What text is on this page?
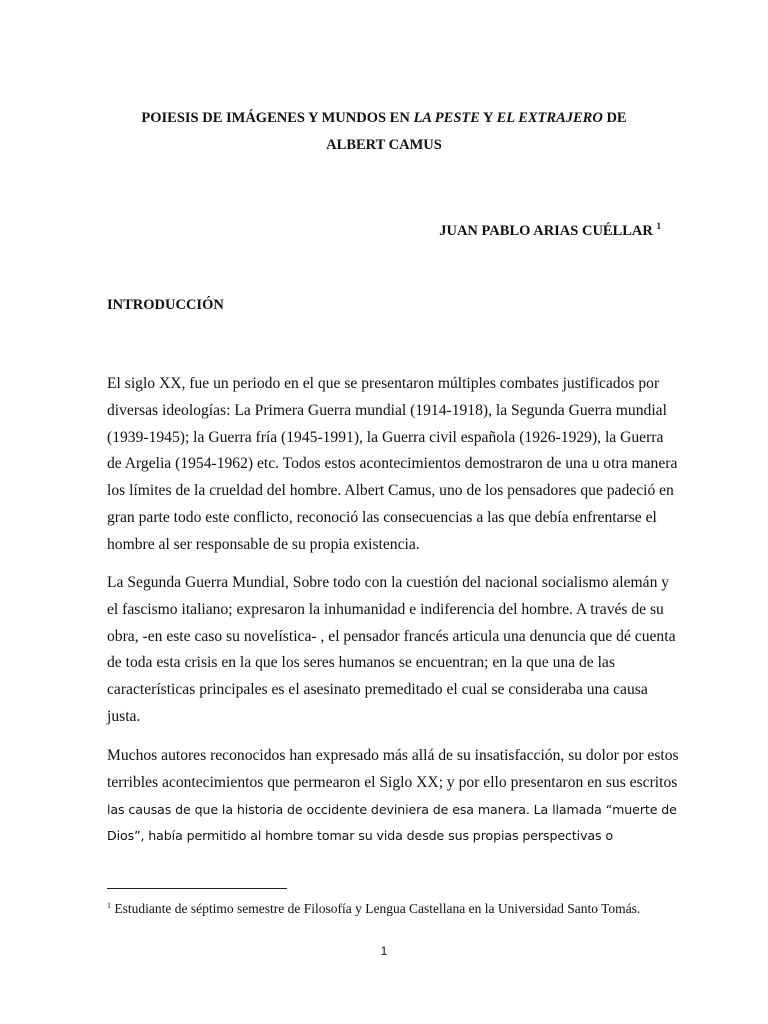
POIESIS DE IMÁGENES Y MUNDOS EN LA PESTE Y EL EXTRAJERO DE
ALBERT CAMUS
JUAN PABLO ARIAS CUÉLLAR $^1$
INTRODUCCIÓN
El siglo XX, fue un periodo en el que se presentaron múltiples combates justificados por
diversas ideologías: La Primera Guerra mundial (1914-1918), la Segunda Guerra mundial
(1939-1945); la Guerra fría (1945-1991), la Guerra civil española (1926-1929), la Guerra
de Argelia (1954-1962) etc. Todos estos acontecimientos demostraron de una u otra manera
los límites de la crueldad del hombre. Albert Camus, uno de los pensadores que padeció en
gran parte todo este conflicto, reconoció las consecuencias a las que debía enfrentarse el
hombre al ser responsable de su propia existencia.
La Segunda Guerra Mundial, Sobre todo con la cuestión del nacional socialismo alemán y
el fascismo italiano; expresaron la inhumanidad e indiferencia del hombre. A través de su
obra, -en este caso su novelística- , el pensador francés articula una denuncia que dé cuenta
de toda esta crisis en la que los seres humanos se encuentran; en la que una de las
características principales es el asesinato premeditado el cual se consideraba una causa
justa.
Muchos autores reconocidos han expresado más allá de su insatisfacción, su dolor por estos
terribles acontecimientos que permearon el Siglo XX; y por ello presentaron en sus escritos
las causas de que la historia de occidente deviniera de esa manera. La llamada “muerte de
Dios”, había permitido al hombre tomar su vida desde sus propias perspectivas o
$^1$ Estudiante de séptimo semestre de Filosofía y Lengua Castellana en la Universidad Santo Tomás.
1
